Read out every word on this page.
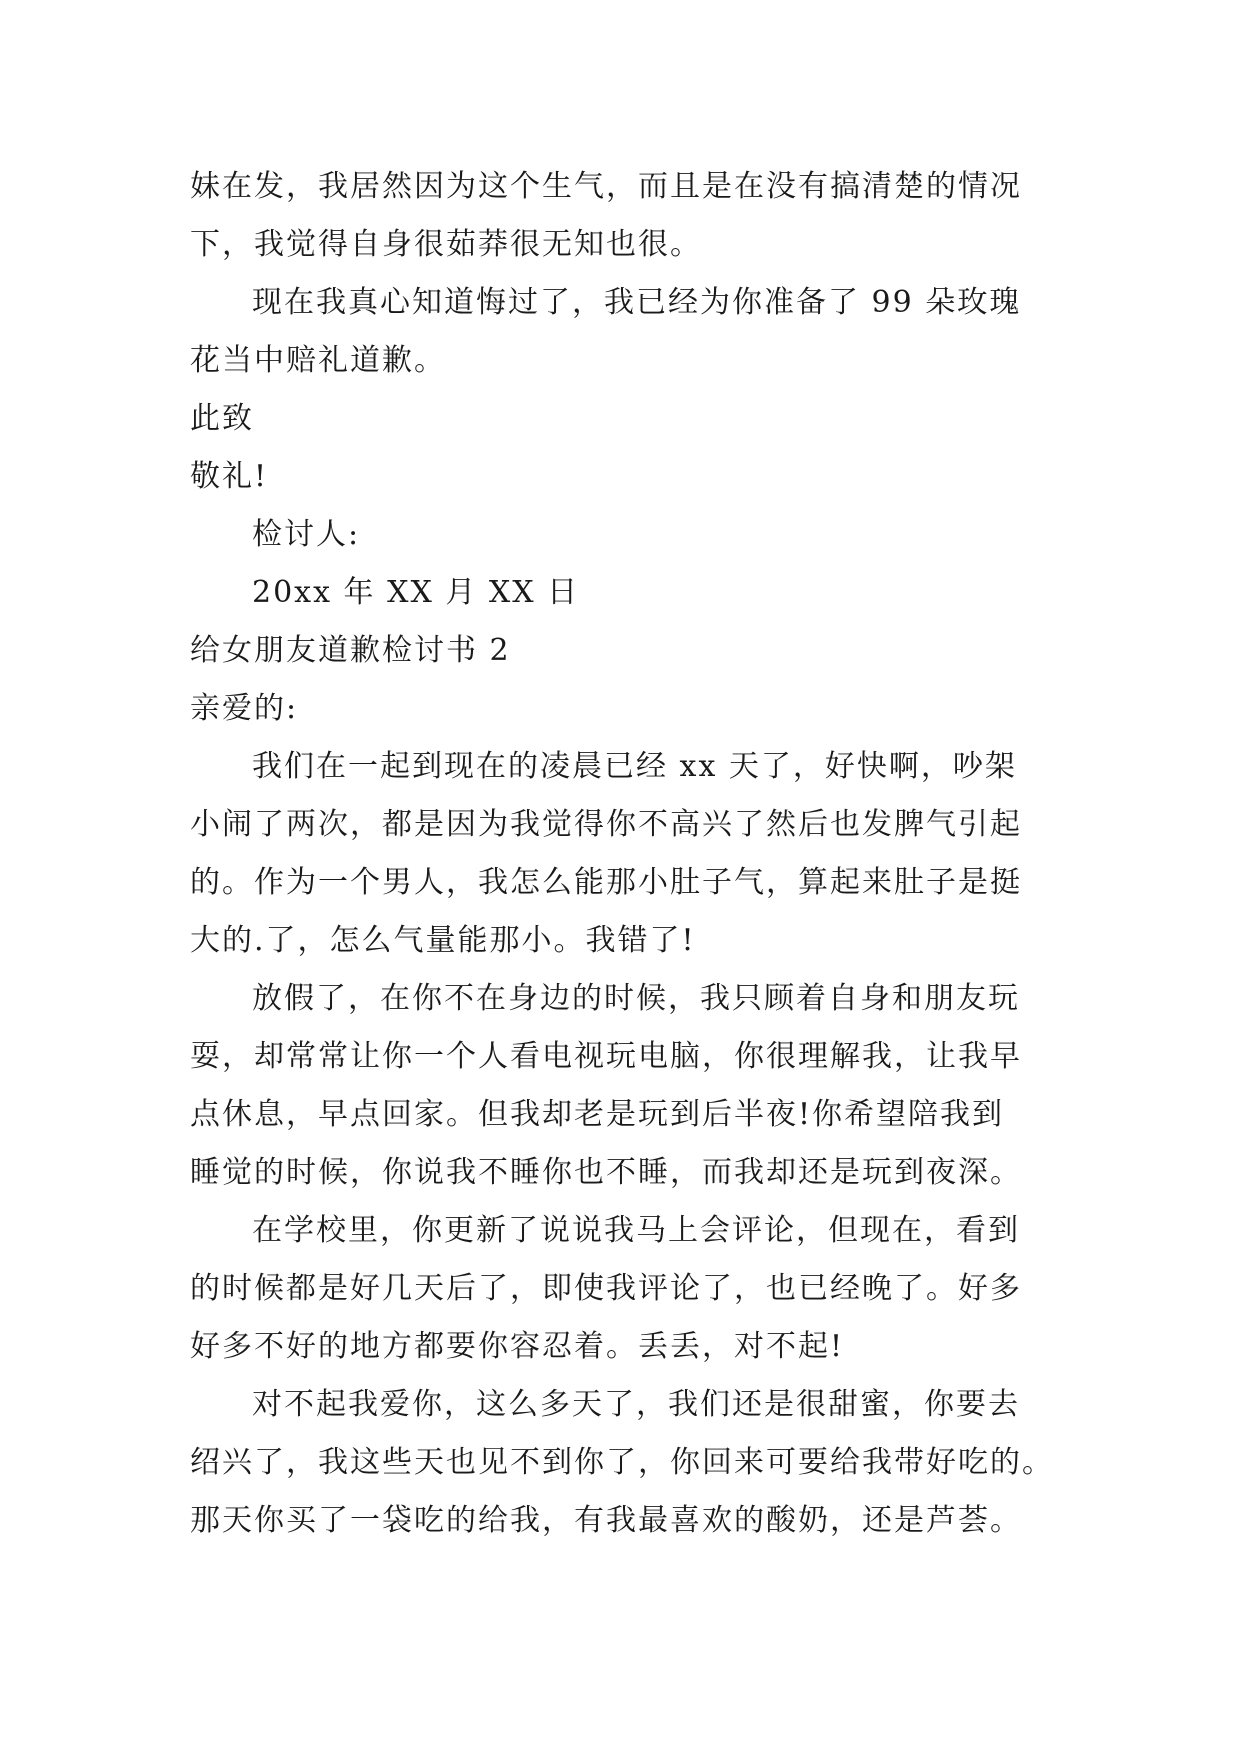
妹在发，我居然因为这个生气，而且是在没有搞清楚的情况
下，我觉得自身很茹莽很无知也很。
现在我真心知道悔过了，我已经为你准备了 99 朵玫瑰
花当中赔礼道歉。
此致
敬礼!
检讨人:
20xx 年 XX 月 XX 日
给女朋友道歉检讨书 2
亲爱的:
我们在一起到现在的凌晨已经 xx 天了，好快啊，吵架
小闹了两次，都是因为我觉得你不高兴了然后也发脾气引起
的。作为一个男人，我怎么能那小肚子气，算起来肚子是挺
大的.了，怎么气量能那小。我错了!
放假了，在你不在身边的时候，我只顾着自身和朋友玩
耍，却常常让你一个人看电视玩电脑，你很理解我，让我早
点休息，早点回家。但我却老是玩到后半夜!你希望陪我到
睡觉的时候，你说我不睡你也不睡，而我却还是玩到夜深。
在学校里，你更新了说说我马上会评论，但现在，看到
的时候都是好几天后了，即使我评论了，也已经晚了。好多
好多不好的地方都要你容忍着。丢丢，对不起!
对不起我爱你，这么多天了，我们还是很甜蜜，你要去
绍兴了，我这些天也见不到你了，你回来可要给我带好吃的。
那天你买了一袋吃的给我，有我最喜欢的酸奶，还是芦荟。
